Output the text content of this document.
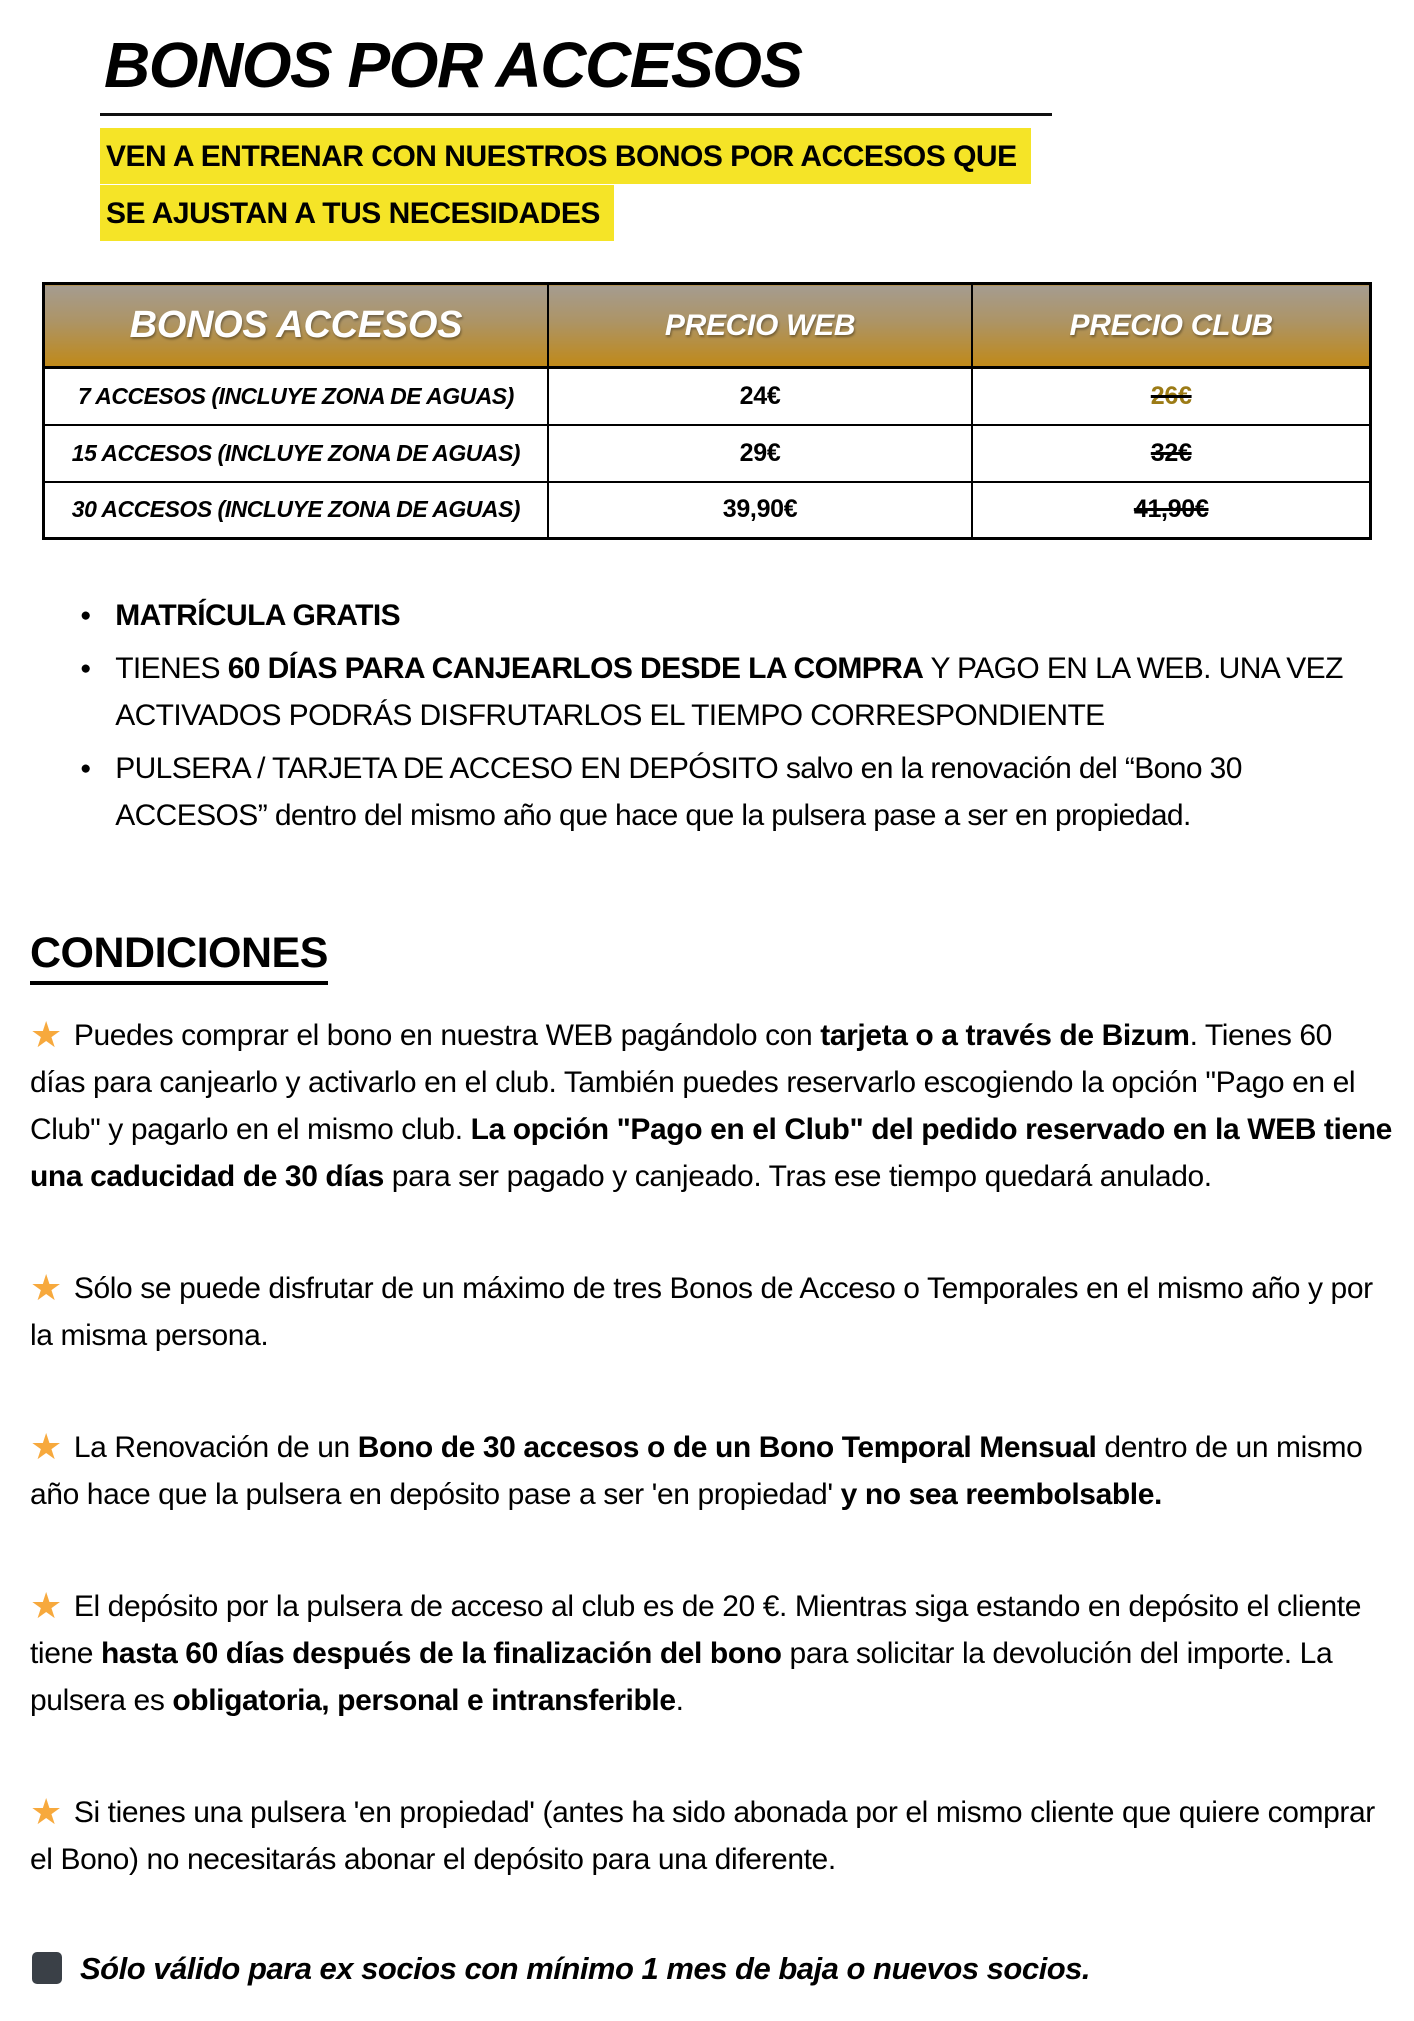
BONOS POR ACCESOS
VEN A ENTRENAR CON NUESTROS BONOS POR ACCESOS QUE
SE AJUSTAN A TUS NECESIDADES
BONOS ACCESOS	PRECIO WEB	PRECIO CLUB
7 ACCESOS (INCLUYE ZONA DE AGUAS)	24€	26€
15 ACCESOS (INCLUYE ZONA DE AGUAS)	29€	32€
30 ACCESOS (INCLUYE ZONA DE AGUAS)	39,90€	41,90€
● MATRÍCULA GRATIS
● TIENES 60 DÍAS PARA CANJEARLOS DESDE LA COMPRA Y PAGO EN LA WEB. UNA VEZ ACTIVADOS PODRÁS DISFRUTARLOS EL TIEMPO CORRESPONDIENTE
● PULSERA / TARJETA DE ACCESO EN DEPÓSITO salvo en la renovación del “Bono 30 ACCESOS” dentro del mismo año que hace que la pulsera pase a ser en propiedad.
CONDICIONES

★ Puedes comprar el bono en nuestra WEB pagándolo con tarjeta o a través de Bizum. Tienes 60 días para canjearlo y activarlo en el club. También puedes reservarlo escogiendo la opción "Pago en el Club" y pagarlo en el mismo club. La opción "Pago en el Club" del pedido reservado en la WEB tiene una caducidad de 30 días para ser pagado y canjeado. Tras ese tiempo quedará anulado.

★ Sólo se puede disfrutar de un máximo de tres Bonos de Acceso o Temporales en el mismo año y por la misma persona.

★ La Renovación de un Bono de 30 accesos o de un Bono Temporal Mensual dentro de un mismo año hace que la pulsera en depósito pase a ser 'en propiedad' y no sea reembolsable.

★ El depósito por la pulsera de acceso al club es de 20 €. Mientras siga estando en depósito el cliente tiene hasta 60 días después de la finalización del bono para solicitar la devolución del importe. La pulsera es obligatoria, personal e intransferible.

★ Si tienes una pulsera 'en propiedad' (antes ha sido abonada por el mismo cliente que quiere comprar el Bono) no necesitarás abonar el depósito para una diferente.

Sólo válido para ex socios con mínimo 1 mes de baja o nuevos socios.
